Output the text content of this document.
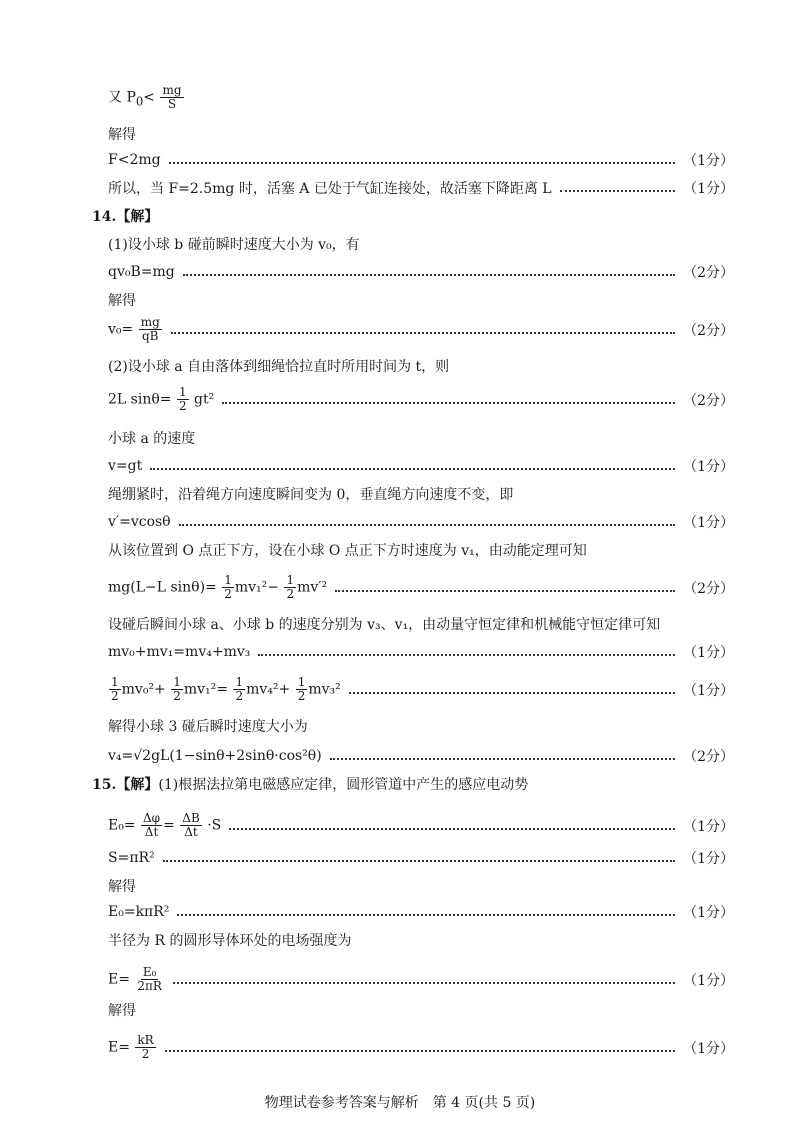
又 $P_0< \frac{mg}{S}$
解得
F<2mg	（1分）
所以，当 F=2.5mg 时，活塞 A 已处于气缸连接处，故活塞下降距离 L	（1分）
14.【解】
(1)设小球 b 碰前瞬时速度大小为 v₀，有
qv₀B=mg	（2分）
解得
$v_0= \frac{mg}{qB}$	（2分）
(2)设小球 a 自由落体到细绳恰拉直时所用时间为 t，则
2L $\sin\theta= \frac{1}{2} gt^2$	（2分）
小球 a 的速度
v=gt	（1分）
绳绷紧时，沿着绳方向速度瞬间变为 0，垂直绳方向速度不变，即
v′=vcosθ	（1分）
从该位置到 O 点正下方，设在小球 O 点正下方时速度为 v₁，由动能定理可知
mg(L−L $\sin\theta)= \frac{1}{2} mv_1^2- \frac{1}{2} mv'^2$	（2分）
设碰后瞬间小球 a、小球 b 的速度分别为 v₃、v₁，由动量守恒定律和机械能守恒定律可知
mv₀+mv₁=mv₄+mv₃	（1分）
$\frac{1}{2} mv_0^2+ \frac{1}{2} mv_1^2= \frac{1}{2} mv_4^2+ \frac{1}{2} mv_3^2$	（1分）
解得小球 3 碰后瞬时速度大小为
v₄=√2gL(1−sinθ+2sinθ·cos²θ)	（2分）
15.【解】(1)根据法拉第电磁感应定律，圆形管道中产生的感应电动势
$E_0= \frac{\Delta\varphi}{\Delta t} = \frac{\Delta B}{\Delta t} \cdot S$	（1分）
S=πR²	（1分）
解得
E₀=kπR²	（1分）
半径为 R 的圆形导体环处的电场强度为
$E= \frac{\text{E₀}}{2\pi R}$	（1分）
解得
$E= \frac{kR}{2}$	（1分）
物理试卷参考答案与解析　第 4 页(共 5 页)
